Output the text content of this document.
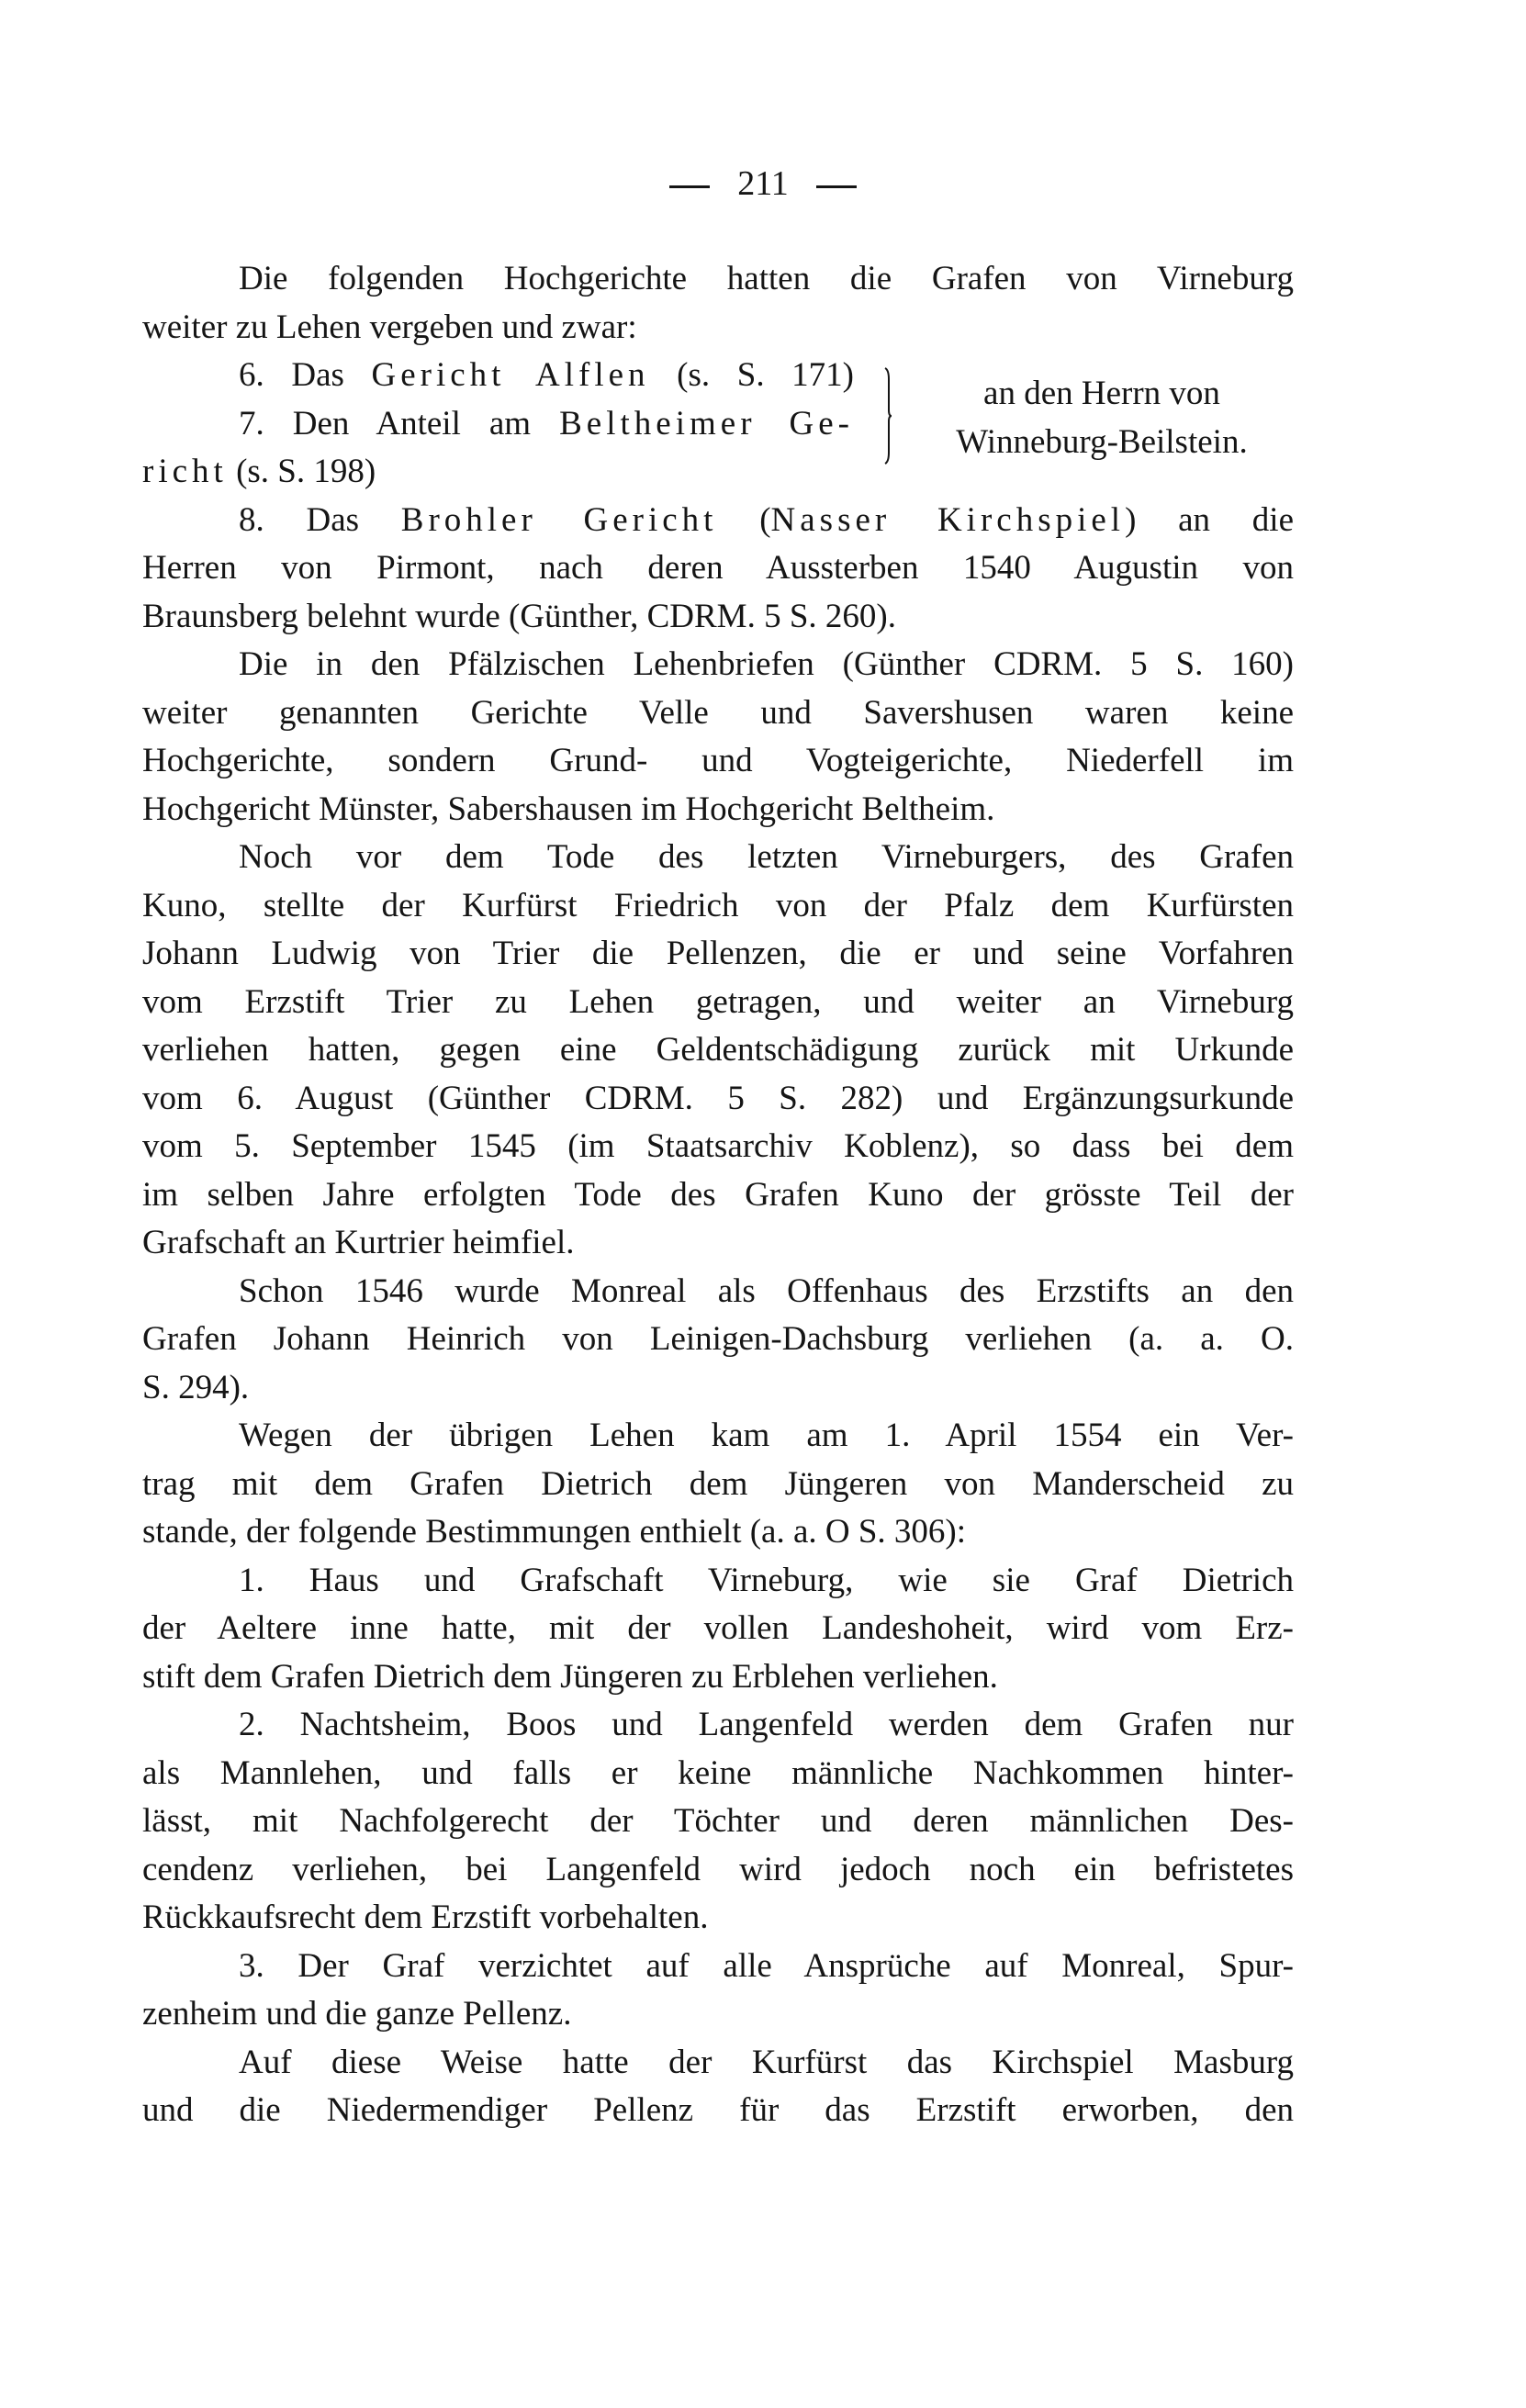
211
Die folgenden Hochgerichte hatten die Grafen von Virneburg
weiter zu Lehen vergeben und zwar:
6. Das Gericht Alflen (s. S. 171)
7. Den Anteil am Beltheimer Ge-
richt (s. S. 198)
8. Das Brohler Gericht (Nasser Kirchspiel) an die
Herren von Pirmont, nach deren Aussterben 1540 Augustin von
Braunsberg belehnt wurde (Günther, CDRM. 5 S. 260).
Die in den Pfälzischen Lehenbriefen (Günther CDRM. 5 S. 160)
weiter genannten Gerichte Velle und Savershusen waren keine
Hochgerichte, sondern Grund- und Vogteigerichte, Niederfell im
Hochgericht Münster, Sabershausen im Hochgericht Beltheim.
Noch vor dem Tode des letzten Virneburgers, des Grafen
Kuno, stellte der Kurfürst Friedrich von der Pfalz dem Kurfürsten
Johann Ludwig von Trier die Pellenzen, die er und seine Vorfahren
vom Erzstift Trier zu Lehen getragen, und weiter an Virneburg
verliehen hatten, gegen eine Geldentschädigung zurück mit Urkunde
vom 6. August (Günther CDRM. 5 S. 282) und Ergänzungsurkunde
vom 5. September 1545 (im Staatsarchiv Koblenz), so dass bei dem
im selben Jahre erfolgten Tode des Grafen Kuno der grösste Teil der
Grafschaft an Kurtrier heimfiel.
Schon 1546 wurde Monreal als Offenhaus des Erzstifts an den
Grafen Johann Heinrich von Leinigen-Dachsburg verliehen (a. a. O.
S. 294).
Wegen der übrigen Lehen kam am 1. April 1554 ein Ver-
trag mit dem Grafen Dietrich dem Jüngeren von Manderscheid zu
stande, der folgende Bestimmungen enthielt (a. a. O S. 306):
1. Haus und Grafschaft Virneburg, wie sie Graf Dietrich
der Aeltere inne hatte, mit der vollen Landeshoheit, wird vom Erz-
stift dem Grafen Dietrich dem Jüngeren zu Erblehen verliehen.
2. Nachtsheim, Boos und Langenfeld werden dem Grafen nur
als Mannlehen, und falls er keine männliche Nachkommen hinter-
lässt, mit Nachfolgerecht der Töchter und deren männlichen Des-
cendenz verliehen, bei Langenfeld wird jedoch noch ein befristetes
Rückkaufsrecht dem Erzstift vorbehalten.
3. Der Graf verzichtet auf alle Ansprüche auf Monreal, Spur-
zenheim und die ganze Pellenz.
Auf diese Weise hatte der Kurfürst das Kirchspiel Masburg
und die Niedermendiger Pellenz für das Erzstift erworben, den
an den Herrn von
Winneburg-Beilstein.
